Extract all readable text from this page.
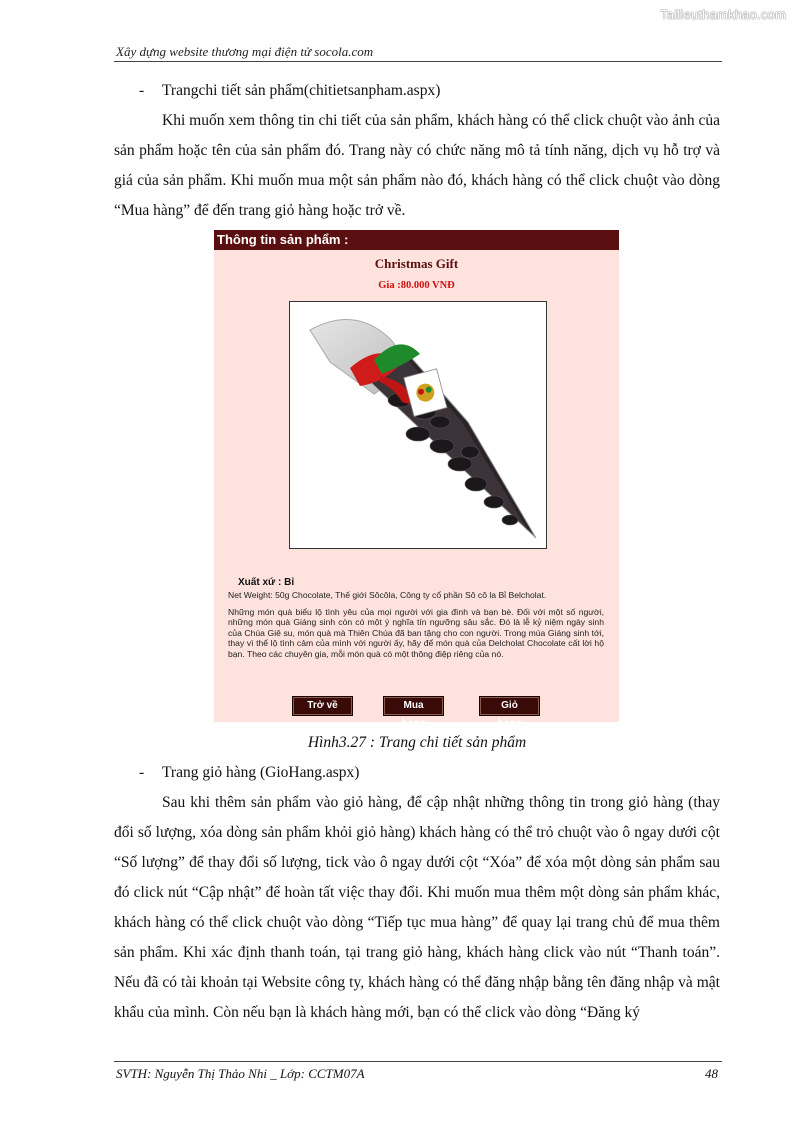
Tailieuthamkhao.com
Xây dựng website thương mại điện tử socola.com
- Trangchi tiết sản phẩm(chitietsanpham.aspx)

Khi muốn xem thông tin chi tiết của sản phẩm, khách hàng có thể click chuột vào ảnh của sản phẩm hoặc tên của sản phẩm đó. Trang này có chức năng mô tả tính năng, dịch vụ hỗ trợ và giá của sản phẩm. Khi muốn mua một sản phẩm nào đó, khách hàng có thể click chuột vào dòng “Mua hàng” để đến trang giỏ hàng hoặc trở về.

Thông tin sản phẩm :
Christmas Gift
Gia :80.000 VNĐ
Xuất xứ : Bỉ

Net Weight: 50g Chocolate, Thế giới Sôcôla, Công ty cổ phần Sô cô la Bỉ Belcholat.

Những món quà biểu lộ tình yêu của mọi người với gia đình và bạn bè. Đối với một số người, những món quà Giáng sinh còn có một ý nghĩa tín ngưỡng sâu sắc. Đó là lễ kỷ niệm ngày sinh của Chúa Giê su, món quà mà Thiên Chúa đã ban tặng cho con người. Trong mùa Giáng sinh tới, thay vì thể lộ tình cảm của mình với người ấy, hãy để món quà của Delcholat Chocolate cất lời hộ bạn. Theo các chuyên gia, mỗi món quà có một thông điệp riêng của nó.

Trở về	Mua hàng
Giỏ hàng
Hình3.27 : Trang chi tiết sản phẩm
- Trang giỏ hàng (GioHang.aspx)

Sau khi thêm sản phẩm vào giỏ hàng, để cập nhật những thông tin trong giỏ hàng (thay đổi số lượng, xóa dòng sản phẩm khỏi giỏ hàng) khách hàng có thể trỏ chuột vào ô ngay dưới cột “Số lượng” để thay đổi số lượng, tick vào ô ngay dưới cột “Xóa” để xóa một dòng sản phẩm sau đó click nút “Cập nhật” để hoàn tất việc thay đổi. Khi muốn mua thêm một dòng sản phẩm khác, khách hàng có thể click chuột vào dòng “Tiếp tục mua hàng” để quay lại trang chủ để mua thêm sản phẩm. Khi xác định thanh toán, tại trang giỏ hàng, khách hàng click vào nút “Thanh toán”. Nếu đã có tài khoản tại Website công ty, khách hàng có thể đăng nhập bằng tên đăng nhập và mật khẩu của mình. Còn nếu bạn là khách hàng mới, bạn có thể click vào dòng “Đăng ký

SVTH: Nguyễn Thị Thảo Nhi _ Lớp: CCTM07A	48
